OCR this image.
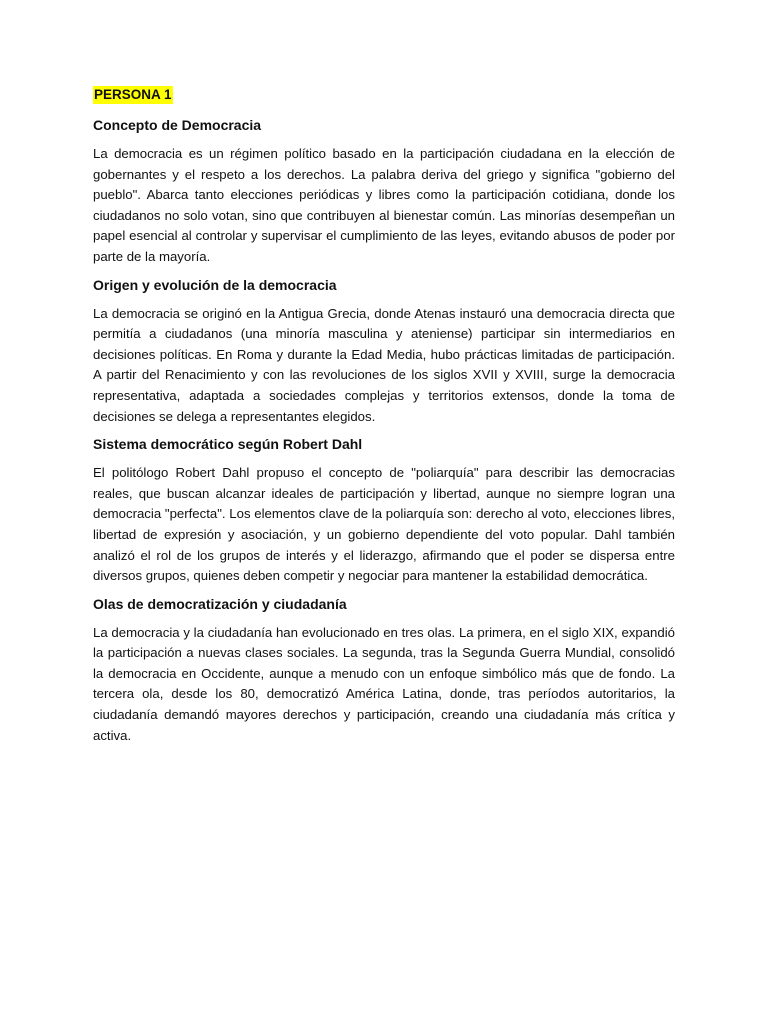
PERSONA 1
Concepto de Democracia

La democracia es un régimen político basado en la participación ciudadana en la elección de gobernantes y el respeto a los derechos. La palabra deriva del griego y significa "gobierno del pueblo". Abarca tanto elecciones periódicas y libres como la participación cotidiana, donde los ciudadanos no solo votan, sino que contribuyen al bienestar común. Las minorías desempeñan un papel esencial al controlar y supervisar el cumplimiento de las leyes, evitando abusos de poder por parte de la mayoría.

Origen y evolución de la democracia

La democracia se originó en la Antigua Grecia, donde Atenas instauró una democracia directa que permitía a ciudadanos (una minoría masculina y ateniense) participar sin intermediarios en decisiones políticas. En Roma y durante la Edad Media, hubo prácticas limitadas de participación. A partir del Renacimiento y con las revoluciones de los siglos XVII y XVIII, surge la democracia representativa, adaptada a sociedades complejas y territorios extensos, donde la toma de decisiones se delega a representantes elegidos.

Sistema democrático según Robert Dahl

El politólogo Robert Dahl propuso el concepto de "poliarquía" para describir las democracias reales, que buscan alcanzar ideales de participación y libertad, aunque no siempre logran una democracia "perfecta". Los elementos clave de la poliarquía son: derecho al voto, elecciones libres, libertad de expresión y asociación, y un gobierno dependiente del voto popular. Dahl también analizó el rol de los grupos de interés y el liderazgo, afirmando que el poder se dispersa entre diversos grupos, quienes deben competir y negociar para mantener la estabilidad democrática.

Olas de democratización y ciudadanía

La democracia y la ciudadanía han evolucionado en tres olas. La primera, en el siglo XIX, expandió la participación a nuevas clases sociales. La segunda, tras la Segunda Guerra Mundial, consolidó la democracia en Occidente, aunque a menudo con un enfoque simbólico más que de fondo. La tercera ola, desde los 80, democratizó América Latina, donde, tras períodos autoritarios, la ciudadanía demandó mayores derechos y participación, creando una ciudadanía más crítica y activa.
